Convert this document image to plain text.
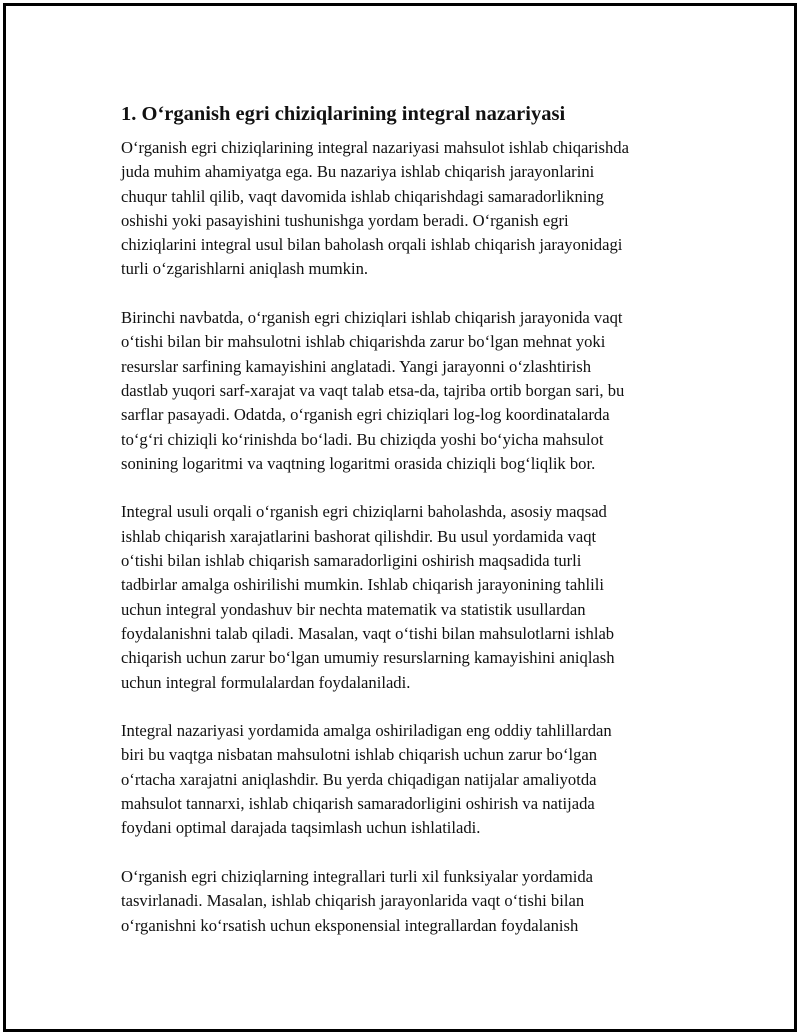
1. O‘rganish egri chiziqlarining integral nazariyasi

O‘rganish egri chiziqlarining integral nazariyasi mahsulot ishlab chiqarishda
juda muhim ahamiyatga ega. Bu nazariya ishlab chiqarish jarayonlarini
chuqur tahlil qilib, vaqt davomida ishlab chiqarishdagi samaradorlikning
oshishi yoki pasayishini tushunishga yordam beradi. O‘rganish egri
chiziqlarini integral usul bilan baholash orqali ishlab chiqarish jarayonidagi
turli o‘zgarishlarni aniqlash mumkin.

Birinchi navbatda, o‘rganish egri chiziqlari ishlab chiqarish jarayonida vaqt
o‘tishi bilan bir mahsulotni ishlab chiqarishda zarur bo‘lgan mehnat yoki
resurslar sarfining kamayishini anglatadi. Yangi jarayonni o‘zlashtirish
dastlab yuqori sarf-xarajat va vaqt talab etsa-da, tajriba ortib borgan sari, bu
sarflar pasayadi. Odatda, o‘rganish egri chiziqlari log-log koordinatalarda
to‘g‘ri chiziqli ko‘rinishda bo‘ladi. Bu chiziqda yoshi bo‘yicha mahsulot
sonining logaritmi va vaqtning logaritmi orasida chiziqli bog‘liqlik bor.

Integral usuli orqali o‘rganish egri chiziqlarni baholashda, asosiy maqsad
ishlab chiqarish xarajatlarini bashorat qilishdir. Bu usul yordamida vaqt
o‘tishi bilan ishlab chiqarish samaradorligini oshirish maqsadida turli
tadbirlar amalga oshirilishi mumkin. Ishlab chiqarish jarayonining tahlili
uchun integral yondashuv bir nechta matematik va statistik usullardan
foydalanishni talab qiladi. Masalan, vaqt o‘tishi bilan mahsulotlarni ishlab
chiqarish uchun zarur bo‘lgan umumiy resurslarning kamayishini aniqlash
uchun integral formulalardan foydalaniladi.

Integral nazariyasi yordamida amalga oshiriladigan eng oddiy tahlillardan
biri bu vaqtga nisbatan mahsulotni ishlab chiqarish uchun zarur bo‘lgan
o‘rtacha xarajatni aniqlashdir. Bu yerda chiqadigan natijalar amaliyotda
mahsulot tannarxi, ishlab chiqarish samaradorligini oshirish va natijada
foydani optimal darajada taqsimlash uchun ishlatiladi.

O‘rganish egri chiziqlarning integrallari turli xil funksiyalar yordamida
tasvirlanadi. Masalan, ishlab chiqarish jarayonlarida vaqt o‘tishi bilan
o‘rganishni ko‘rsatish uchun eksponensial integrallardan foydalanish
